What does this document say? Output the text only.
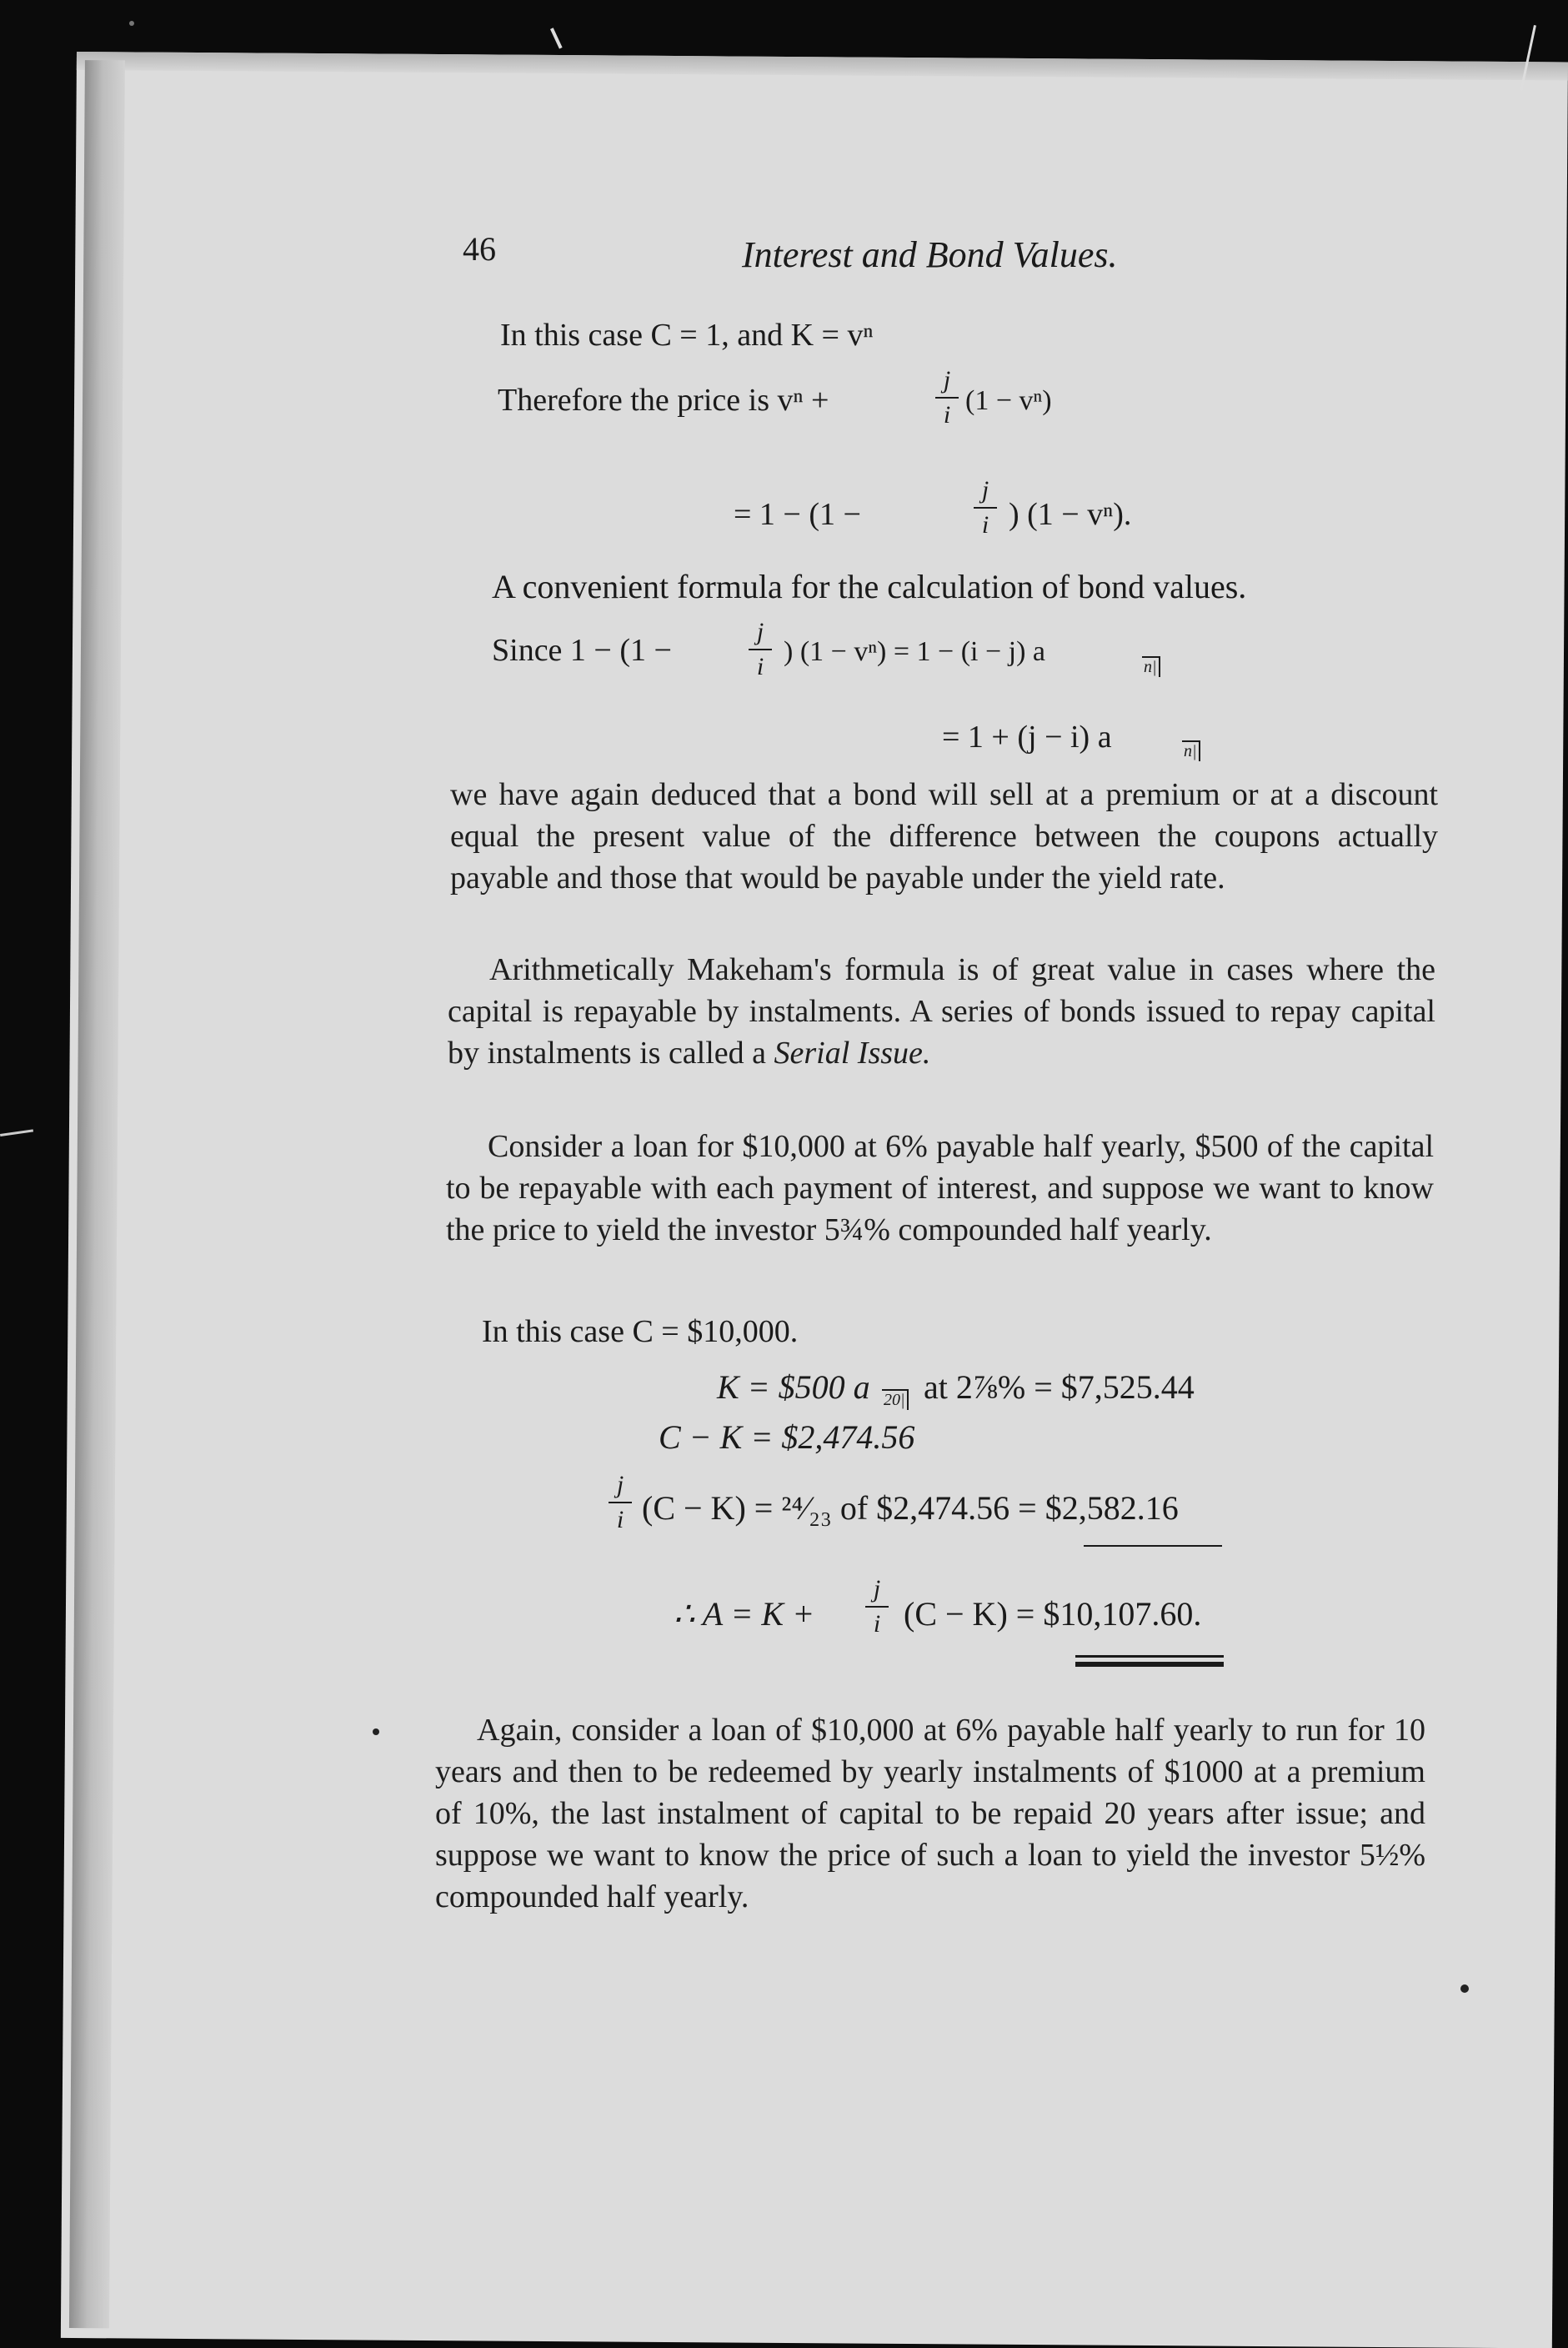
46	Interest and Bond Values.
In this case C = 1, and K = vⁿ
Therefore the price is vⁿ +
j
i (1 − vⁿ)
= 1 − (1 −
j
i ) (1 − vⁿ).
A convenient formula for the calculation of bond values.
Since 1 − (1 −
j
i ) (1 − vⁿ) = 1 − (i − j) a	n|
= 1 + (j − i) a	n|

we have again deduced that a bond will sell at a premium or at a discount equal the present value of the difference between the coupons actually payable and those that would be payable under the yield rate.

Arithmetically Makeham's formula is of great value in cases where the capital is repayable by instalments. A series of bonds issued to repay capital by instalments is called a Serial Issue.

Consider a loan for $10,000 at 6% payable half yearly, $500 of the capital to be repayable with each payment of interest, and suppose we want to know the price to yield the investor 5¾% compounded half yearly.

In this case C = $10,000.
K = $500 a 20| at 2⅞% = $7,525.44
C − K = $2,474.56
j
i (C − K) = ²⁴⁄₂₃ of $2,474.56 = $2,582.16
∴ A = K +
j
i (C − K) = $10,107.60.

Again, consider a loan of $10,000 at 6% payable half yearly to run for 10 years and then to be redeemed by yearly instalments of $1000 at a premium of 10%, the last instalment of capital to be repaid 20 years after issue; and suppose we want to know the price of such a loan to yield the investor 5½% compounded half yearly.
